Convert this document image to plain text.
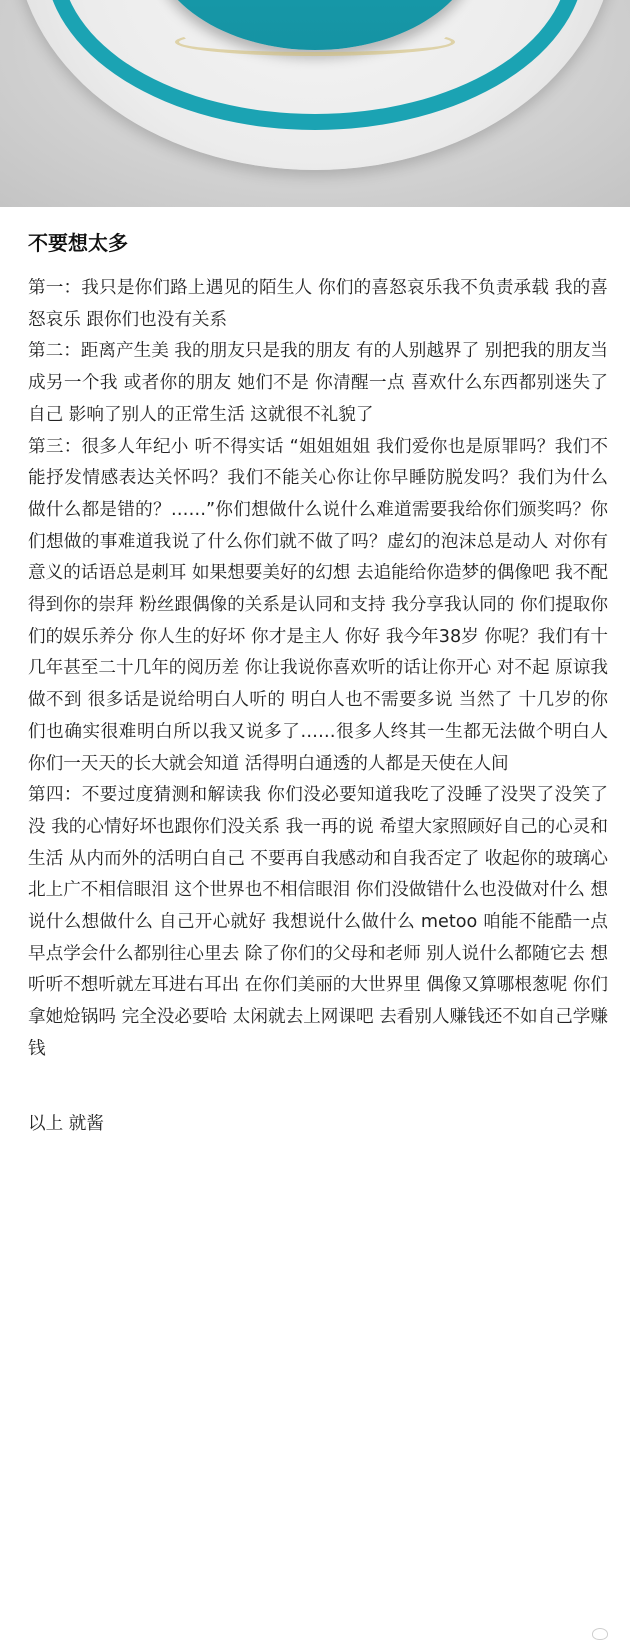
不要想太多

第一：我只是你们路上遇见的陌生人 你们的喜怒哀乐我不负责承载 我的喜怒哀乐 跟你们也没有关系

第二：距离产生美 我的朋友只是我的朋友 有的人别越界了 别把我的朋友当成另一个我 或者你的朋友 她们不是 你清醒一点 喜欢什么东西都别迷失了自己 影响了别人的正常生活 这就很不礼貌了

第三：很多人年纪小 听不得实话 “姐姐姐姐 我们爱你也是原罪吗？我们不能抒发情感表达关怀吗？我们不能关心你让你早睡防脱发吗？我们为什么做什么都是错的？……”你们想做什么说什么难道需要我给你们颁奖吗？你们想做的事难道我说了什么你们就不做了吗？虚幻的泡沫总是动人 对你有意义的话语总是刺耳 如果想要美好的幻想 去追能给你造梦的偶像吧 我不配得到你的崇拜 粉丝跟偶像的关系是认同和支持 我分享我认同的 你们提取你们的娱乐养分 你人生的好坏 你才是主人 你好 我今年38岁 你呢？我们有十几年甚至二十几年的阅历差 你让我说你喜欢听的话让你开心 对不起 原谅我做不到 很多话是说给明白人听的 明白人也不需要多说 当然了 十几岁的你们也确实很难明白所以我又说多了……很多人终其一生都无法做个明白人 你们一天天的长大就会知道 活得明白通透的人都是天使在人间

第四：不要过度猜测和解读我 你们没必要知道我吃了没睡了没哭了没笑了没 我的心情好坏也跟你们没关系 我一再的说 希望大家照顾好自己的心灵和生活 从内而外的活明白自己 不要再自我感动和自我否定了 收起你的玻璃心 北上广不相信眼泪 这个世界也不相信眼泪 你们没做错什么也没做对什么 想说什么想做什么 自己开心就好 我想说什么做什么 metoo 咱能不能酷一点 早点学会什么都别往心里去 除了你们的父母和老师 别人说什么都随它去 想听听不想听就左耳进右耳出 在你们美丽的大世界里 偶像又算哪根葱呢 你们拿她炝锅吗 完全没必要哈 太闲就去上网课吧 去看别人赚钱还不如自己学赚钱

以上 就酱
